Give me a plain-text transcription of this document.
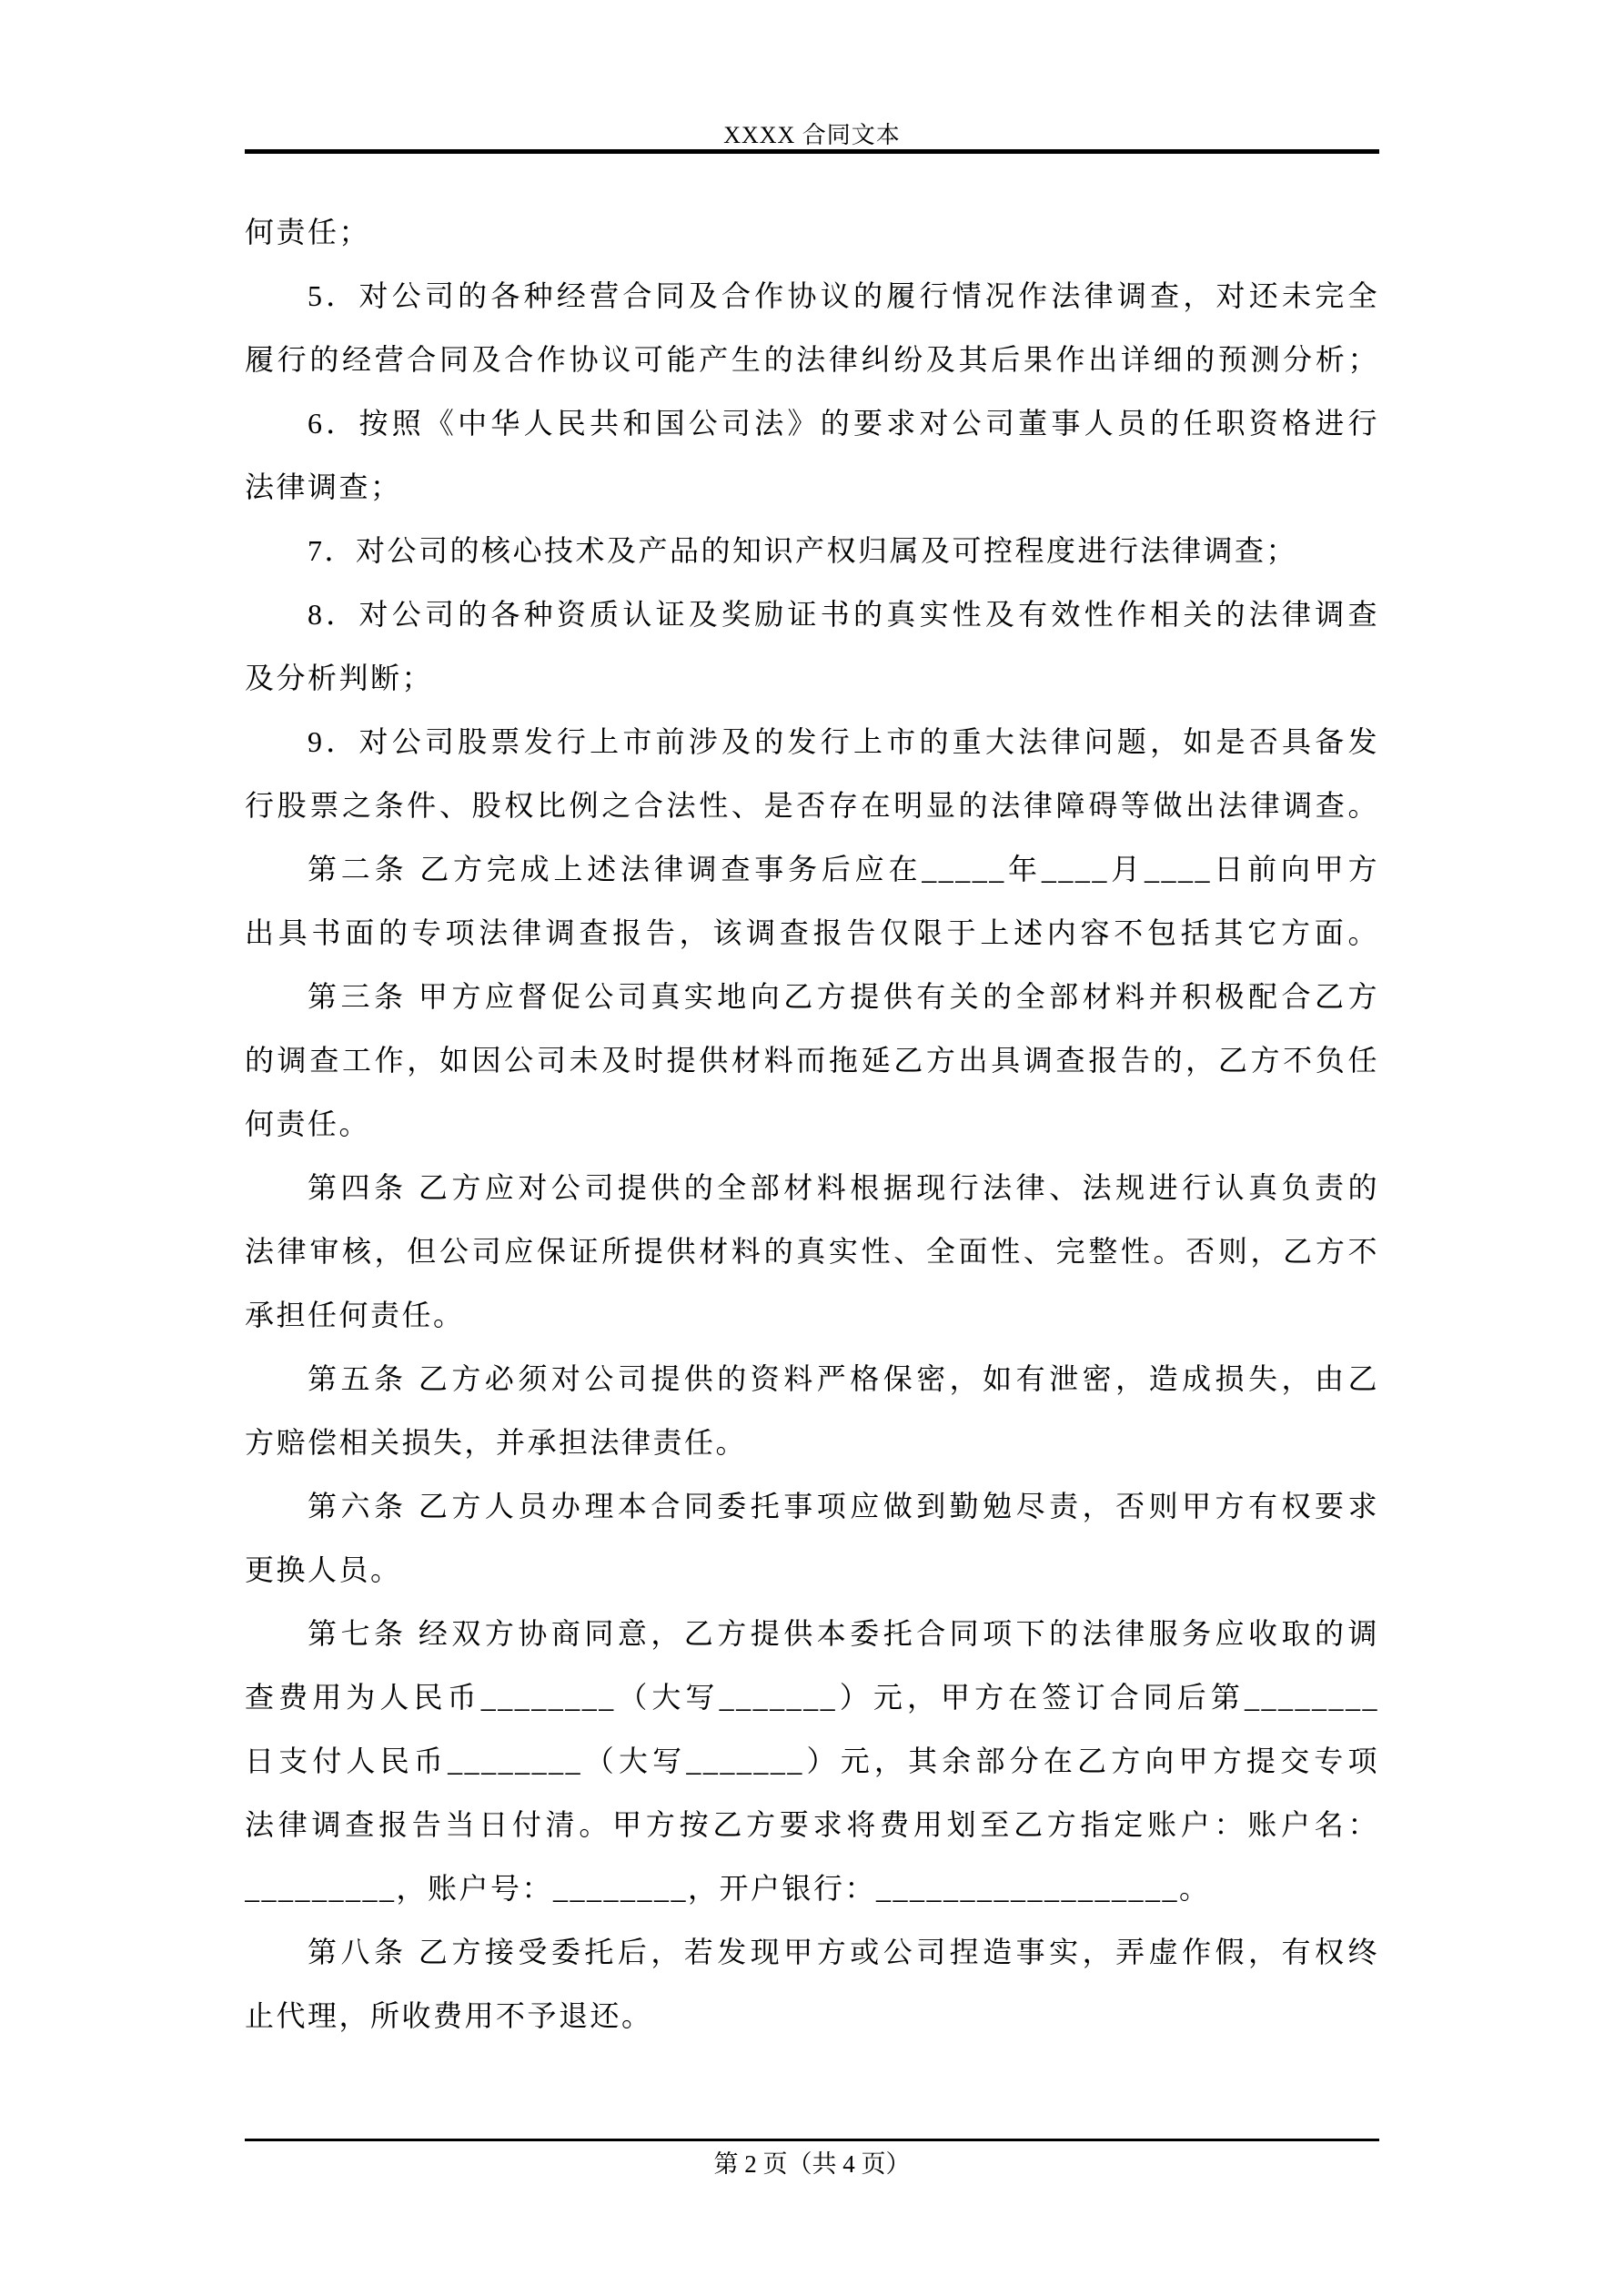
XXXX 合同文本
何责任；
5．对公司的各种经营合同及合作协议的履行情况作法律调查，对还未完全
履行的经营合同及合作协议可能产生的法律纠纷及其后果作出详细的预测分析；
6．按照《中华人民共和国公司法》的要求对公司董事人员的任职资格进行
法律调查；
7．对公司的核心技术及产品的知识产权归属及可控程度进行法律调查；
8．对公司的各种资质认证及奖励证书的真实性及有效性作相关的法律调查
及分析判断；
9．对公司股票发行上市前涉及的发行上市的重大法律问题，如是否具备发
行股票之条件、股权比例之合法性、是否存在明显的法律障碍等做出法律调查。
第二条 乙方完成上述法律调查事务后应在_____年____月____日前向甲方
出具书面的专项法律调查报告，该调查报告仅限于上述内容不包括其它方面。
第三条 甲方应督促公司真实地向乙方提供有关的全部材料并积极配合乙方
的调查工作，如因公司未及时提供材料而拖延乙方出具调查报告的，乙方不负任
何责任。
第四条 乙方应对公司提供的全部材料根据现行法律、法规进行认真负责的
法律审核，但公司应保证所提供材料的真实性、全面性、完整性。否则，乙方不
承担任何责任。
第五条 乙方必须对公司提供的资料严格保密，如有泄密，造成损失，由乙
方赔偿相关损失，并承担法律责任。
第六条 乙方人员办理本合同委托事项应做到勤勉尽责，否则甲方有权要求
更换人员。
第七条 经双方协商同意，乙方提供本委托合同项下的法律服务应收取的调
查费用为人民币________（大写_______）元，甲方在签订合同后第________
日支付人民币________（大写_______）元，其余部分在乙方向甲方提交专项
法律调查报告当日付清。甲方按乙方要求将费用划至乙方指定账户：账户名：
_________，账户号：________，开户银行：__________________。
第八条 乙方接受委托后，若发现甲方或公司捏造事实，弄虚作假，有权终
止代理，所收费用不予退还。
第 2 页（共 4 页）
